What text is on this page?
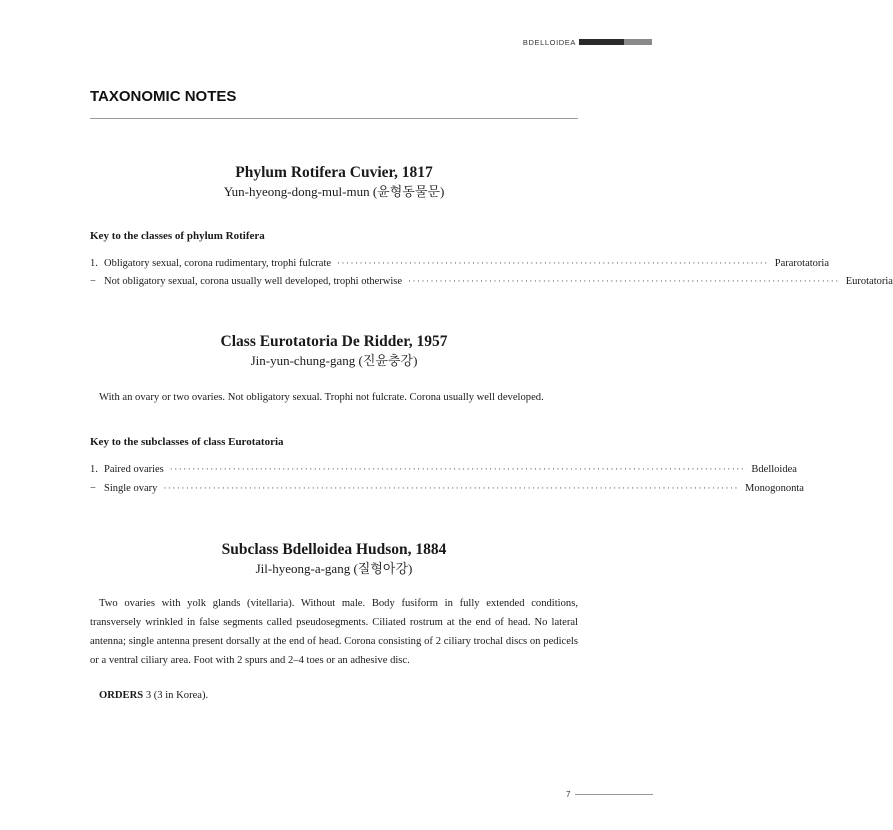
BDELLOIDEA
TAXONOMIC NOTES
Phylum Rotifera Cuvier, 1817
Yun-hyeong-dong-mul-mun (윤형동물문)
Key to the classes of phylum Rotifera
1. Obligatory sexual, corona rudimentary, trophi fulcrate ································································································ Pararotatoria
− Not obligatory sexual, corona usually well developed, trophi otherwise ································································································ Eurotatoria
Class Eurotatoria De Ridder, 1957
Jin-yun-chung-gang (진윤충강)
With an ovary or two ovaries. Not obligatory sexual. Trophi not fulcrate. Corona usually well developed.
Key to the subclasses of class Eurotatoria
1. Paired ovaries ································································································································ Bdelloidea
− Single ovary ································································································································ Monogononta
Subclass Bdelloidea Hudson, 1884
Jil-hyeong-a-gang (질형아강)
Two ovaries with yolk glands (vitellaria). Without male. Body fusiform in fully extended conditions, transversely wrinkled in false segments called pseudosegments. Ciliated rostrum at the end of head. No lateral antenna; single antenna present dorsally at the end of head. Corona consisting of 2 ciliary trochal discs on pedicels or a ventral ciliary area. Foot with 2 spurs and 2–4 toes or an adhesive disc.
ORDERS 3 (3 in Korea).
7
